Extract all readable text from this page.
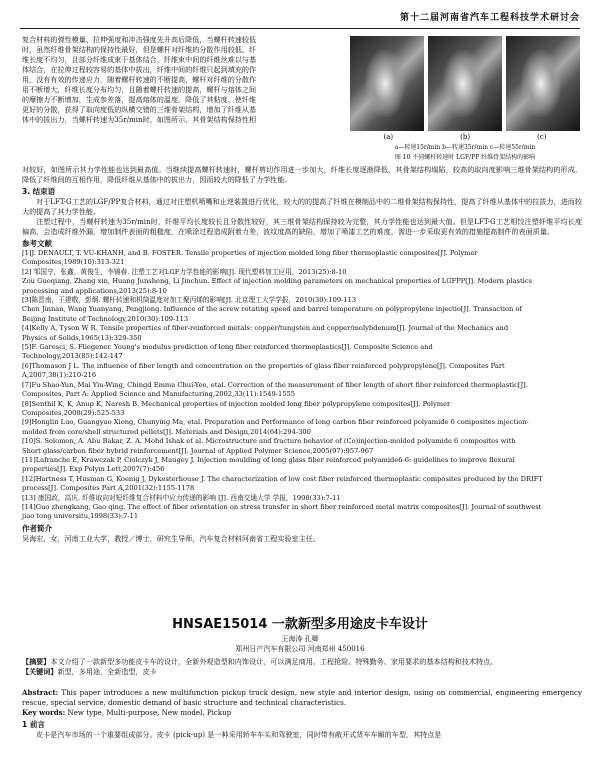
第十二届河南省汽车工程科技学术研讨会

复合材料的弹性模量、拉伸强度和冲击强度先升高后降低，当螺杆转速较低

时，虽然纤维骨架结构的保持性最好，但是螺杆对纤维的分散作用较低，纤

维长度不均匀，且部分纤维成束于基体结合，纤维束中间的纤维丝难以与基

体结合，在拉伸过程较容易的基体中拔出，纤维中间的纤维只起到填充的作

用，没有有效的传递应力，随着螺杆转速的不断提高，螺杆对纤维的分散作

用不断增大，纤维长度分布均匀，且随着螺杆转速的提高，螺杆与熔体之间

的摩擦力不断增加，生成参差落，提高熔体的温度，降低了其粘度，使纤维

更好的分散，获得了取向度低的纵横交错的三维骨架结构，增加了纤维从基

体中的拔出力，当螺杆转速为35r/min时，如图所示，其骨架结构保持性相

(a)	(b)	(c)
a—转速15r/min b—转速35r/min c—转速55r/min
图 10 不同螺杆转速时 LGF/PP 纤维骨架结构的影响

对较好，如图所示其力学性能也达到最高值。当继续提高螺杆转速时，螺杆剪切作用进一步加大，纤维长度逐渐降低，其骨架结构塌陷，较高的取向度影响三维骨架结构的形成，降低了纤维间的互相作用，降低纤维从基体中的拔出力，因而较大的降低了力学性能。

3. 结束语

对于LFT-G工艺的LGF/PP复合材料，通过对注塑机喷嘴和止逆装置进行优化，较大的的提高了纤维在模制品中的二维骨架结构保持性，提高了纤维从基体中的拉拔力，进而较大的提高了其力学性能。

注塑过程中，当螺杆转速为35r/min时，纤维平均长度较长且分散性较好，其三维骨架结构保持较为完整，其力学性能也达到最大值。但是LFT-G工艺相饺注塑纤维平均长度偏高，会造成纤维外漏，增加制件表面的粗糙度，在喷涂过程造成附着力差，波纹度高的缺陷，增加了喷漆工艺的难度，需进一步采取更有效的措施提高制件的表面质量。

参考文献

[1]J. DENAULT, T. VU-KHANH, and B. FOSTER. Tensile properties of injection molded long fiber thermoplastic composites[J]. Polymer
Composites,1989(10):313-321

[2] 邹国亨，张鑫，黄俊生，李锦春. 注塑工艺对LGF力学性能的影响[J]. 现代塑料加工应用，2013(25):8-10
Zou Guoqiang, Zhang xin, Huang Junsheng, Li Jinchun. Effect of injection molding parameters on mechanical properties of LGFPP[J]. Modern plastics
processing and applications,2013(25):8-10

[3]陈晋南，王建敬，彭炯. 螺杆转速和机筒温度对加工聚丙烯的影响[J]. 北京理工大学学报，2010(30):109-113
Chen Jinnan, Wang Yuanyang, Pengjiong. Influence of the screw rotating speed and barrel temperature on polypropylene injectio[J]. Transaction of
Beijing Institute of Technology,2010(30):109-113

[4]Kelly A, Tyson W R. Tensile properties of fiber-reinforced metals: copper/tungsten and copper/molybdenum[J]. Journal of the Mechanics and
Physics of Solids,1965(13):329-350

[5]F. Garesci, S. Fliegener. Young's modulus prediction of long fiber reinforced thermoplastics[J]. Composite Science and
Technology,2013(85):142-147

[6]Thomason J L. The influence of fiber length and concentration on the properties of glass fiber reinforced polypropylene[J]. Composites Part
A,2007,38(1):210-216

[7]Fu Shao-Yun, Mai Yiu-Wing, Chingd Emma Chui-Yee, etal. Correction of the measurement of fiber length of short fiber reinforced thermoplastic[J].
Composites, Part A: Applied Science and Manufacturing,2002,33(11):1549-1555

[8]Senthil K, K, Anup K, Naresh B. Mechanical properties of injection molded long fiber polypropylene composites[J]. Polymer
Composites,2008(29):525-533

[9]Honglin Luo, Guangyao Xiong, Chunying Ma, etal. Preparation and Performance of long carbon fiber reinforced polyamide 6 composites injection-
molded from core/shell structured pellets[J]. Materials and Design,2014(64):294-300

[10]S. Solomon, A. Abu Bakar, Z. A. Mohd Ishak et al. Microstructure and fracture behavior of (Co)injection-molded polyamide 6 composites with
Short glass/carbon fiber hybrid reinforcement[J]. Journal of Applied Polymer Science,2005(97):957-967

[11]Lafranche E, Krawczak P, Ciolczyk J, Maugey J. Injection moulding of long glass fiber reinforced polyamide6-6: guidelines to improve flexural
properties[J]. Exp Polym Lett,2007(7):456

[12]Hartness T, Husman G, Koenig J, Dykesterhouse J. The characterization of low cost fiber reinforced thermoplastic composites produced by the DRIFT
process[J]. Composites Part A,2001(32):1155-1178

[13] 康国政，高庆. 纤维取向对短纤维复合材料中应力传递的影响 [J]. 西南交通大学 学报，1998(33):7-11

[14]Guo zhengkang, Gao qing. The effect of fiber orientation on stress transfer in short fiber reinforced metal matrix composites[J]. Journal of southwest
jiao tong universitu,1998(33):7-11

作者简介

吴海宏，女，河南工业大学，教授／博士，研究生导师，汽车复合材料河南省工程实验室主任。

HNSAE15014 一款新型多用途皮卡车设计
王海涛 孔卿
郑州日产汽车有限公司 河南郑州 450016

【摘要】本文介绍了一款新型多功能皮卡车的设计，全新外观造型和内饰设计，可以满足商用、工程抢险、特殊勤务、家用要求的基本结构和技术特点。

【关键词】新型，多用途，全新造型，皮卡

Abstract: This paper introduces a new multifunction pickup truck design, new style and interior design, using on commercial, engineering emergency rescue, special service, domestic demand of basic structure and technical characteristics.

Key words: New type, Multi-purpose, New model, Pickup

1 前言

皮卡是汽车市场的一个重要组成部分。皮卡 (pick-up) 是一种采用轿车车头和驾驶室，同时带有敞开式货车车厢的车型，其特点是
